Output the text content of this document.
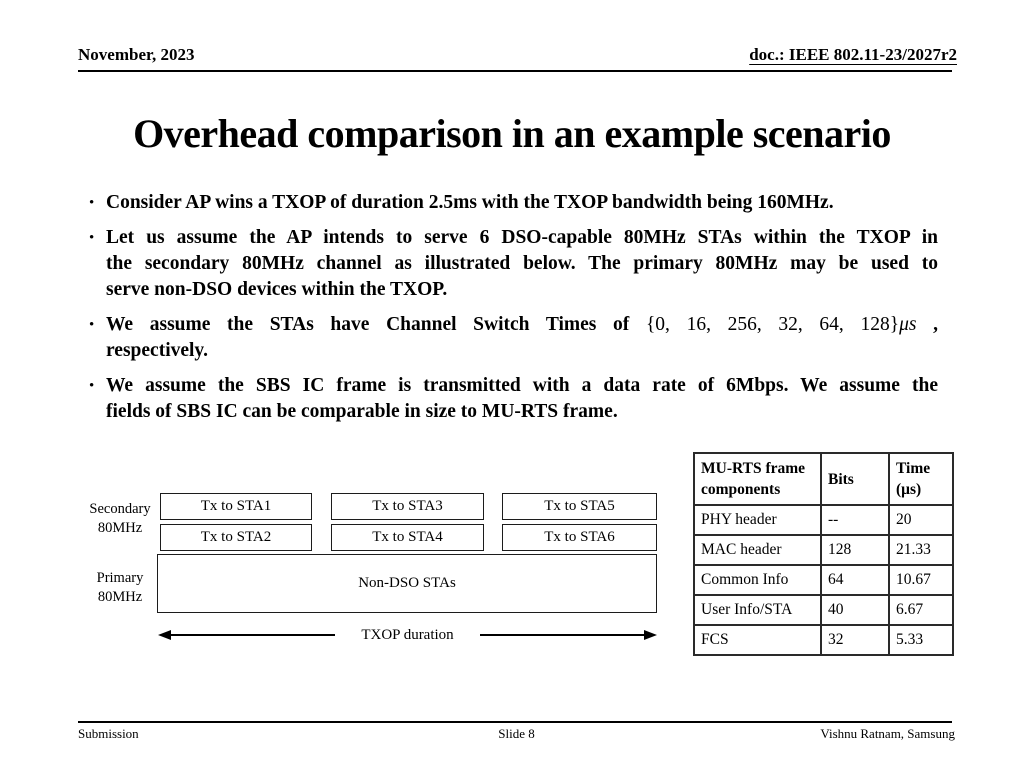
November, 2023	doc.: IEEE 802.11-23/2027r2
Overhead comparison in an example scenario
• Consider AP wins a TXOP of duration 2.5ms with the TXOP bandwidth being 160MHz.
• Let us assume the AP intends to serve 6 DSO-capable 80MHz STAs within the TXOP in
the secondary 80MHz channel as illustrated below. The primary 80MHz may be used to
serve non-DSO devices within the TXOP.
• We assume the STAs have Channel Switch Times of {0, 16, 256, 32, 64, 128}μs ,
respectively.
• We assume the SBS IC frame is transmitted with a data rate of 6Mbps. We assume the
fields of SBS IC can be comparable in size to MU-RTS frame.
Secondary
80MHz
Primary
80MHz
Tx to STA1	Tx to STA3	Tx to STA5
Tx to STA2	Tx to STA4	Tx to STA6
Non-DSO STAs
TXOP duration
MU-RTS frame components	Bits	Time (μs)
PHY header	--	20
MAC header	128	21.33
Common Info	64	10.67
User Info/STA	40	6.67
FCS	32	5.33
Submission	Slide 8	Vishnu Ratnam, Samsung
